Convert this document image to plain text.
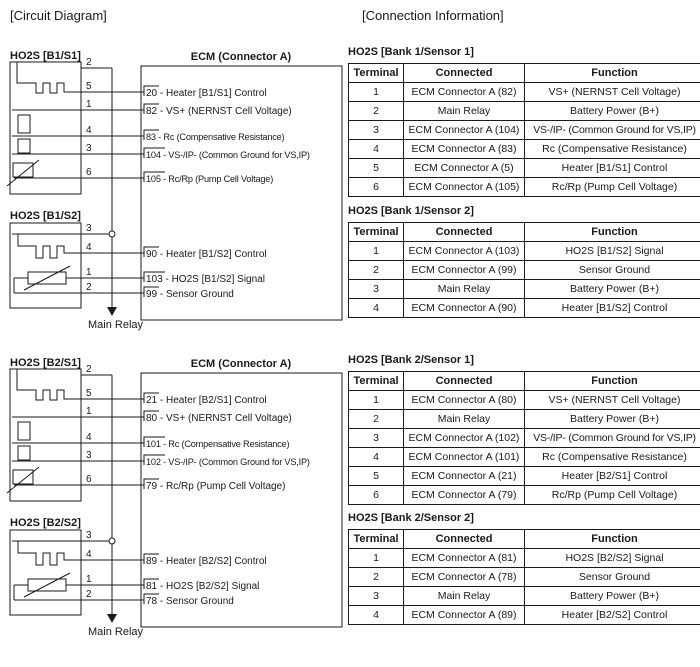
[Circuit Diagram]	[Connection Information]
Main Relay
HO2S [B1/S1]
HO2S [B1/S2]
ECM (Connector A)
2
5
1
4
3
6
3
4
1
2
20 - Heater [B1/S1] Control
82 - VS+ (NERNST Cell Voltage)
83 - Rc (Compensative Resistance)
104 - VS-/IP- (Common Ground for VS,IP)
105 - Rc/Rp (Pump Cell Voltage)
90 - Heater [B1/S2] Control
103 - HO2S [B1/S2] Signal
99 - Sensor Ground
Main Relay
HO2S [B2/S1]
HO2S [B2/S2]
ECM (Connector A)
2
5
1
4
3
6
3
4
1
2
21 - Heater [B2/S1] Control
80 - VS+ (NERNST Cell Voltage)
101 - Rc (Compensative Resistance)
102 - VS-/IP- (Common Ground for VS,IP)
79 - Rc/Rp (Pump Cell Voltage)
89 - Heater [B2/S2] Control
81 - HO2S [B2/S2] Signal
78 - Sensor Ground
HO2S [Bank 1/Sensor 1]
Terminal	Connected	Function
1	ECM Connector A (82)	VS+ (NERNST Cell Voltage)
2	Main Relay	Battery Power (B+)
3	ECM Connector A (104)	VS-/IP- (Common Ground for VS,IP)
4	ECM Connector A (83)	Rc (Compensative Resistance)
5	ECM Connector A (5)	Heater [B1/S1] Control
6	ECM Connector A (105)	Rc/Rp (Pump Cell Voltage)
HO2S [Bank 1/Sensor 2]
Terminal	Connected	Function
1	ECM Connector A (103)	HO2S [B1/S2] Signal
2	ECM Connector A (99)	Sensor Ground
3	Main Relay	Battery Power (B+)
4	ECM Connector A (90)	Heater [B1/S2] Control
HO2S [Bank 2/Sensor 1]
Terminal	Connected	Function
1	ECM Connector A (80)	VS+ (NERNST Cell Voltage)
2	Main Relay	Battery Power (B+)
3	ECM Connector A (102)	VS-/IP- (Common Ground for VS,IP)
4	ECM Connector A (101)	Rc (Compensative Resistance)
5	ECM Connector A (21)	Heater [B2/S1] Control
6	ECM Connector A (79)	Rc/Rp (Pump Cell Voltage)
HO2S [Bank 2/Sensor 2]
Terminal	Connected	Function
1	ECM Connector A (81)	HO2S [B2/S2] Signal
2	ECM Connector A (78)	Sensor Ground
3	Main Relay	Battery Power (B+)
4	ECM Connector A (89)	Heater [B2/S2] Control
